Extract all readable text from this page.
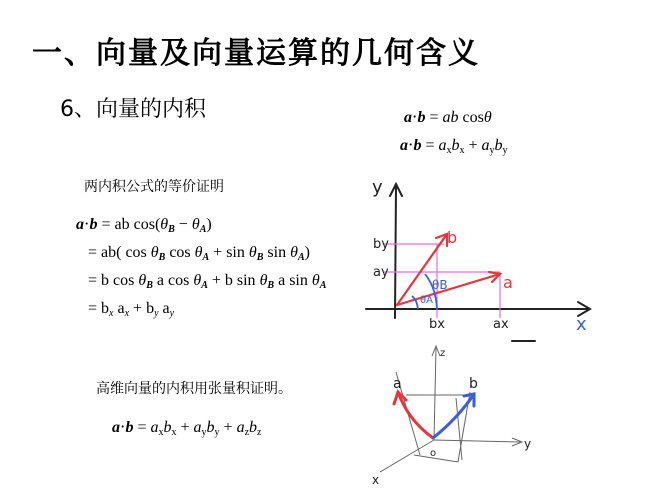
一、向量及向量运算的几何含义
6、向量的内积	a⋅b = ab cosθ
$a\cdot b = a_xb_x + a_yb_y$
两内积公式的等价证明
a⋅b = ab $\cos(\theta_B - \theta_A)$
= ab( $\cos \theta_B$ $\cos \theta_A + \sin \theta_B$ $\sin \theta_A$)
= b $\cos \theta_B$ a $\cos \theta_A + b$ $\sin \theta_B$ a $\sin \theta_A$
= $b_x$ $a_x + b_y$ $a_y$
y
x
by
ay
bx	ax
b
a
θB
θA
高维向量的内积用张量积证明。
$a\cdot b = a_xb_x + a_yb_y + a_zb_z$
a	b
x
y
z
o
